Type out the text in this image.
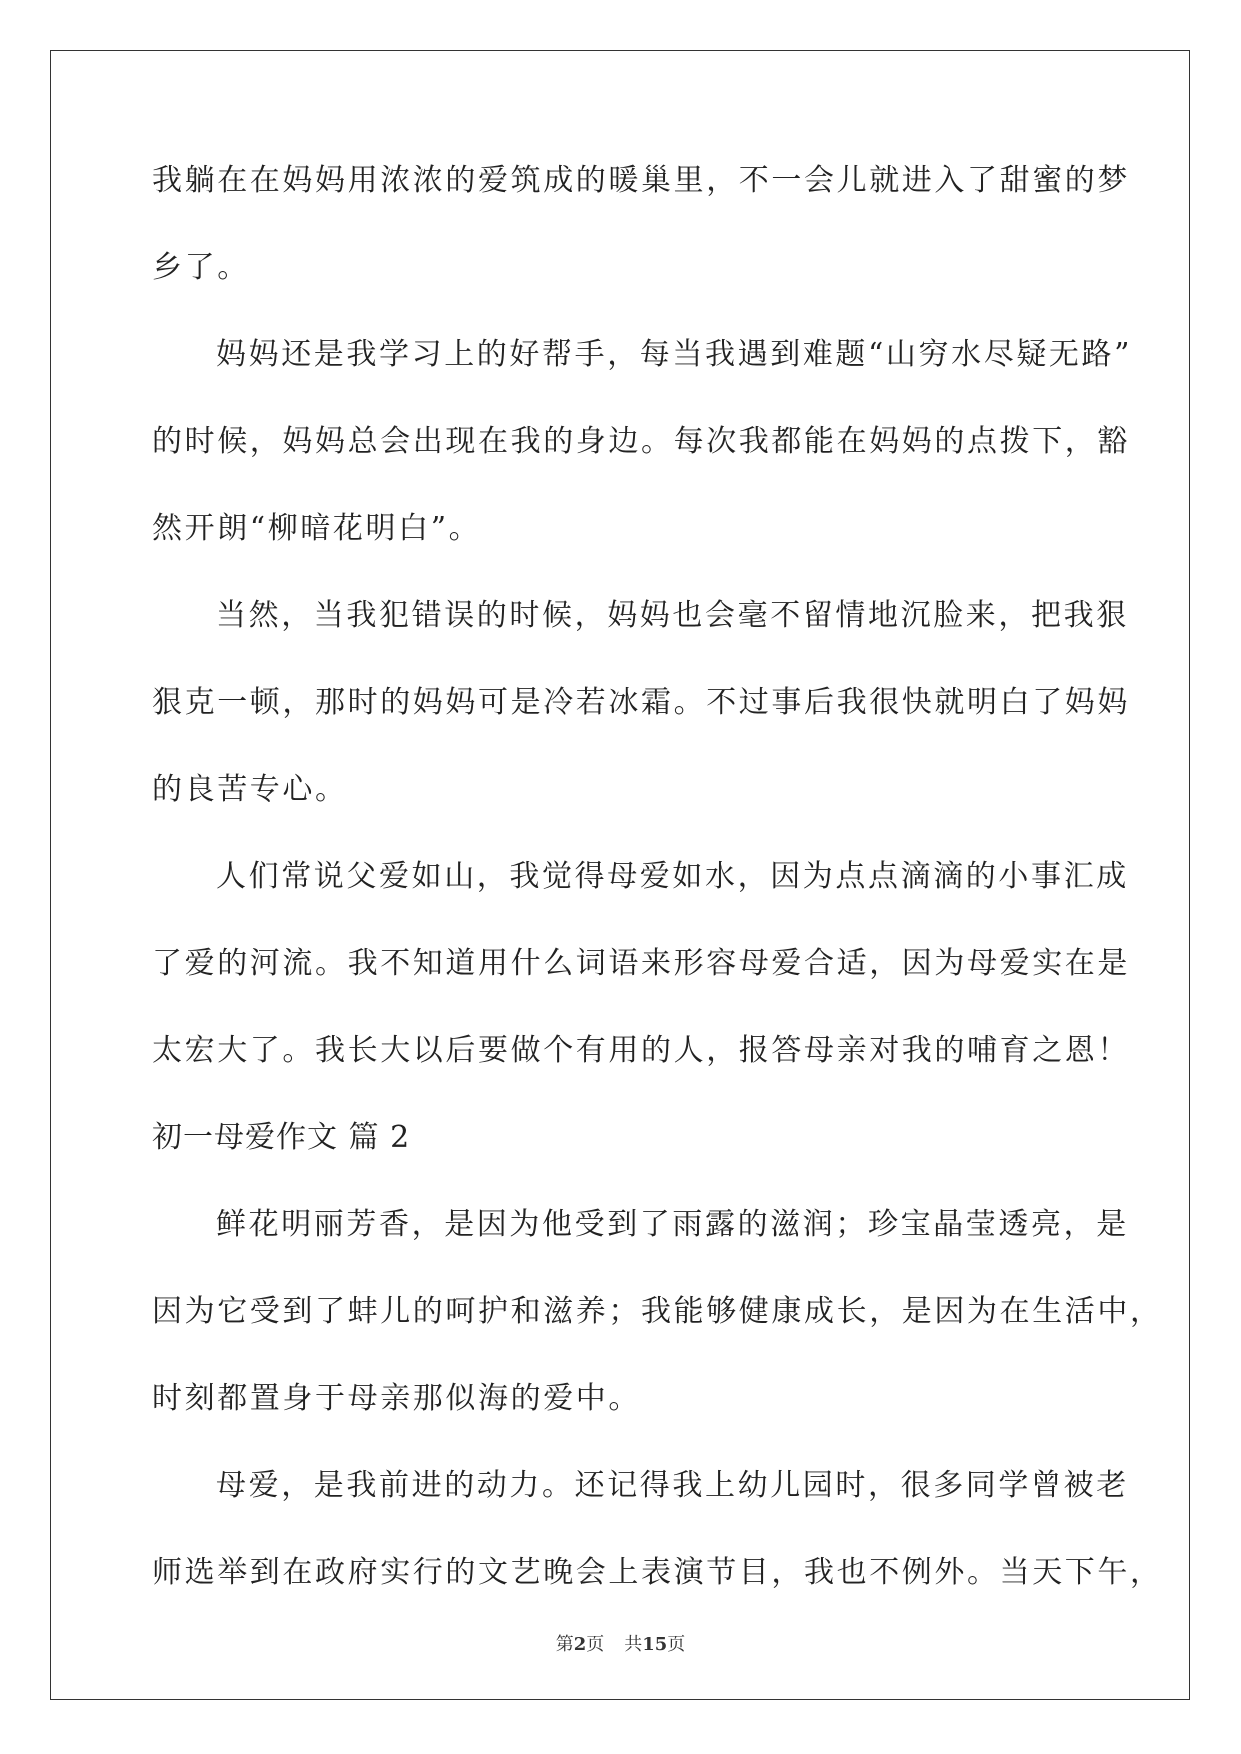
我躺在在妈妈用浓浓的爱筑成的暖巢里，不一会儿就进入了甜蜜的梦
乡了。
妈妈还是我学习上的好帮手，每当我遇到难题“山穷水尽疑无路”
的时候，妈妈总会出现在我的身边。每次我都能在妈妈的点拨下，豁
然开朗“柳暗花明白”。
当然，当我犯错误的时候，妈妈也会毫不留情地沉脸来，把我狠
狠克一顿，那时的妈妈可是冷若冰霜。不过事后我很快就明白了妈妈
的良苦专心。
人们常说父爱如山，我觉得母爱如水，因为点点滴滴的小事汇成
了爱的河流。我不知道用什么词语来形容母爱合适，因为母爱实在是
太宏大了。我长大以后要做个有用的人，报答母亲对我的哺育之恩！
初一母爱作文 篇 2
鲜花明丽芳香，是因为他受到了雨露的滋润；珍宝晶莹透亮，是
因为它受到了蚌儿的呵护和滋养；我能够健康成长，是因为在生活中，
时刻都置身于母亲那似海的爱中。
母爱，是我前进的动力。还记得我上幼儿园时，很多同学曾被老
师选举到在政府实行的文艺晚会上表演节目，我也不例外。当天下午，
第2页 共15页
